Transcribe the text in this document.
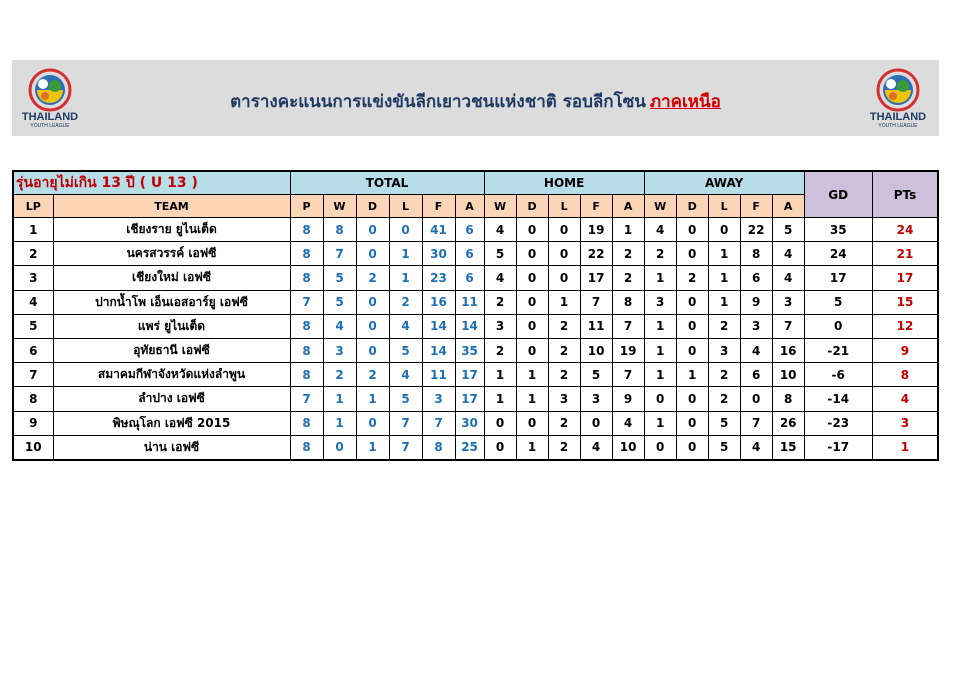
THAILAND
YOUTH LEAGUE
ตารางคะแนนการแข่งขันลีกเยาวชนแห่งชาติ รอบลีกโซน ภาคเหนือ
THAILAND
YOUTH LEAGUE
รุ่นอายุไม่เกิน 13 ปี ( U 13 )		TOTAL						HOME					AWAY					GD	PTs
LP	TEAM	P	W	D	L	F	A	W	D	L	F	A	W	D	L	F	A		
1	เชียงราย ยูไนเต็ด	8	8	0	0	41	6	4	0	0	19	1	4	0	0	22	5	35	24
2	นครสวรรค์ เอฟซี	8	7	0	1	30	6	5	0	0	22	2	2	0	1	8	4	24	21
3	เชียงใหม่ เอฟซี	8	5	2	1	23	6	4	0	0	17	2	1	2	1	6	4	17	17
4	ปากน้ำโพ เอ็นเอสอาร์ยู เอฟซี	7	5	0	2	16	11	2	0	1	7	8	3	0	1	9	3	5	15
5	แพร่ ยูไนเต็ด	8	4	0	4	14	14	3	0	2	11	7	1	0	2	3	7	0	12
6	อุทัยธานี เอฟซี	8	3	0	5	14	35	2	0	2	10	19	1	0	3	4	16	-21	9
7	สมาคมกีฬาจังหวัดแห่งลำพูน	8	2	2	4	11	17	1	1	2	5	7	1	1	2	6	10	-6	8
8	ลำปาง เอฟซี	7	1	1	5	3	17	1	1	3	3	9	0	0	2	0	8	-14	4
9	พิษณุโลก เอฟซี 2015	8	1	0	7	7	30	0	0	2	0	4	1	0	5	7	26	-23	3
10	น่าน เอฟซี	8	0	1	7	8	25	0	1	2	4	10	0	0	5	4	15	-17	1
